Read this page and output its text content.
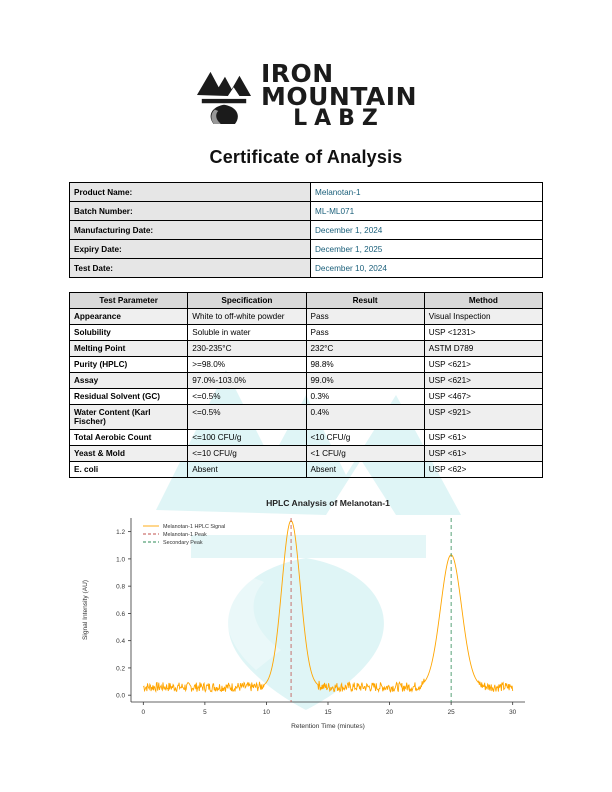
IRON
MOUNTAIN
LABZ
Certificate of Analysis
Product Name:	Melanotan-1
Batch Number:	ML-ML071
Manufacturing Date:	December 1, 2024
Expiry Date:	December 1, 2025
Test Date:	December 10, 2024
Test Parameter	Specification	Result	Method
Appearance	White to off-white powder	Pass	Visual Inspection
Solubility	Soluble in water	Pass	USP <1231>
Melting Point	230-235°C	232°C	ASTM D789
Purity (HPLC)	>=98.0%	98.8%	USP <621>
Assay	97.0%-103.0%	99.0%	USP <621>
Residual Solvent (GC)	<=0.5%	0.3%	USP <467>
Water Content (Karl Fischer)	<=0.5%	0.4%	USP <921>
Total Aerobic Count	<=100 CFU/g	<10 CFU/g	USP <61>
Yeast & Mold	<=10 CFU/g	<1 CFU/g	USP <61>
E. coli	Absent	Absent	USP <62>
HPLC Analysis of Melanotan-1
0	5	10	15	20	25	30
0.0
0.2
0.4
0.6
0.8
1.0
1.2
Retention Time (minutes)
Signal Intensity (AU)
Melanotan-1 HPLC Signal
Melanotan-1 Peak
Secondary Peak
